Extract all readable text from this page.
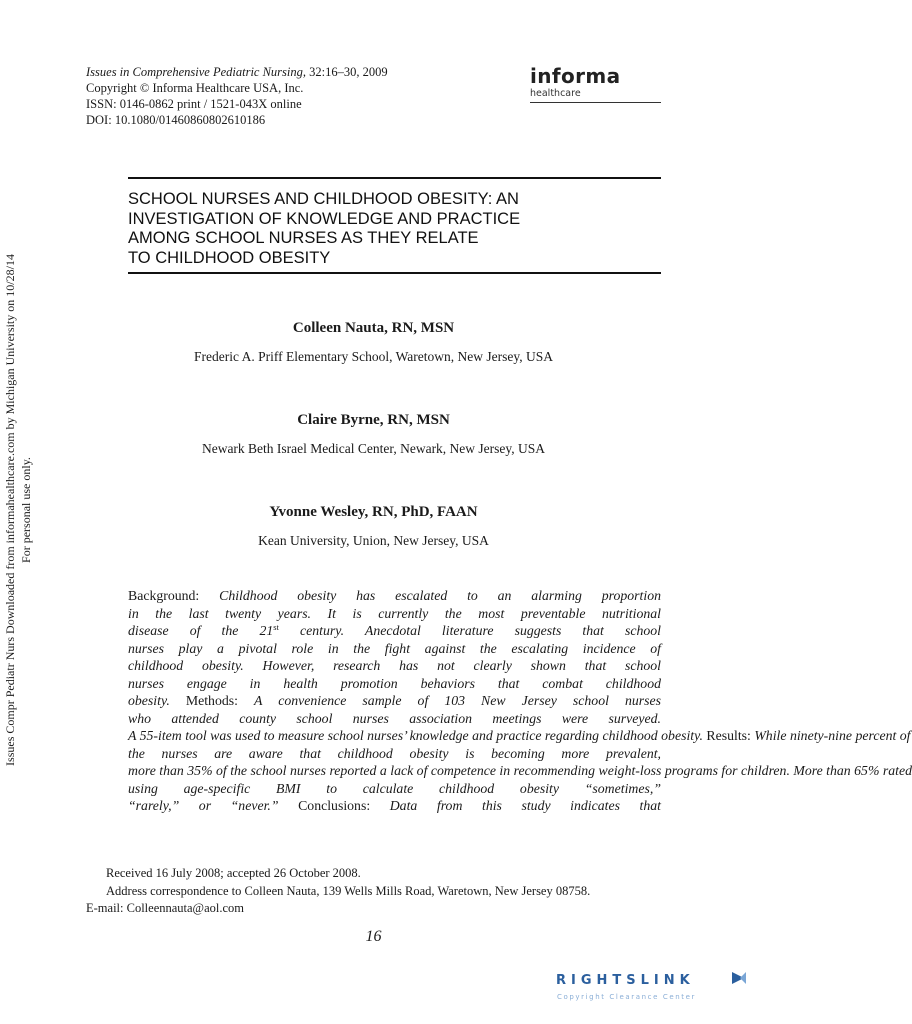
Issues in Comprehensive Pediatric Nursing, 32:16–30, 2009
Copyright © Informa Healthcare USA, Inc.
ISSN: 0146-0862 print / 1521-043X online
DOI: 10.1080/01460860802610186
informa
healthcare
Issues Compr Pediatr Nurs Downloaded from informahealthcare.com by Michigan University on 10/28/14 For personal use only.
SCHOOL NURSES AND CHILDHOOD OBESITY: AN
INVESTIGATION OF KNOWLEDGE AND PRACTICE
AMONG SCHOOL NURSES AS THEY RELATE
TO CHILDHOOD OBESITY
Colleen Nauta, RN, MSN
Frederic A. Priff Elementary School, Waretown, New Jersey, USA
Claire Byrne, RN, MSN
Newark Beth Israel Medical Center, Newark, New Jersey, USA
Yvonne Wesley, RN, PhD, FAAN
Kean University, Union, New Jersey, USA
Background: Childhood obesity has escalated to an alarming proportion
in the last twenty years. It is currently the most preventable nutritional
disease of the 21st century. Anecdotal literature suggests that school
nurses play a pivotal role in the fight against the escalating incidence of
childhood obesity. However, research has not clearly shown that school
nurses engage in health promotion behaviors that combat childhood
obesity. Methods: A convenience sample of 103 New Jersey school nurses
who attended county school nurses association meetings were surveyed.
A 55-item tool was used to measure school nurses’ knowledge and practice regarding childhood obesity. Results: While ninety-nine percent of
the nurses are aware that childhood obesity is becoming more prevalent,
more than 35% of the school nurses reported a lack of competence in recommending weight-loss programs for children. More than 65% rated
using age-specific BMI to calculate childhood obesity “sometimes,”
“rarely,” or “never.” Conclusions: Data from this study indicates that
Received 16 July 2008; accepted 26 October 2008.
Address correspondence to Colleen Nauta, 139 Wells Mills Road, Waretown, New Jersey 08758.
E-mail: Colleennauta@aol.com
16
RIGHTSLINK
Copyright Clearance Center
